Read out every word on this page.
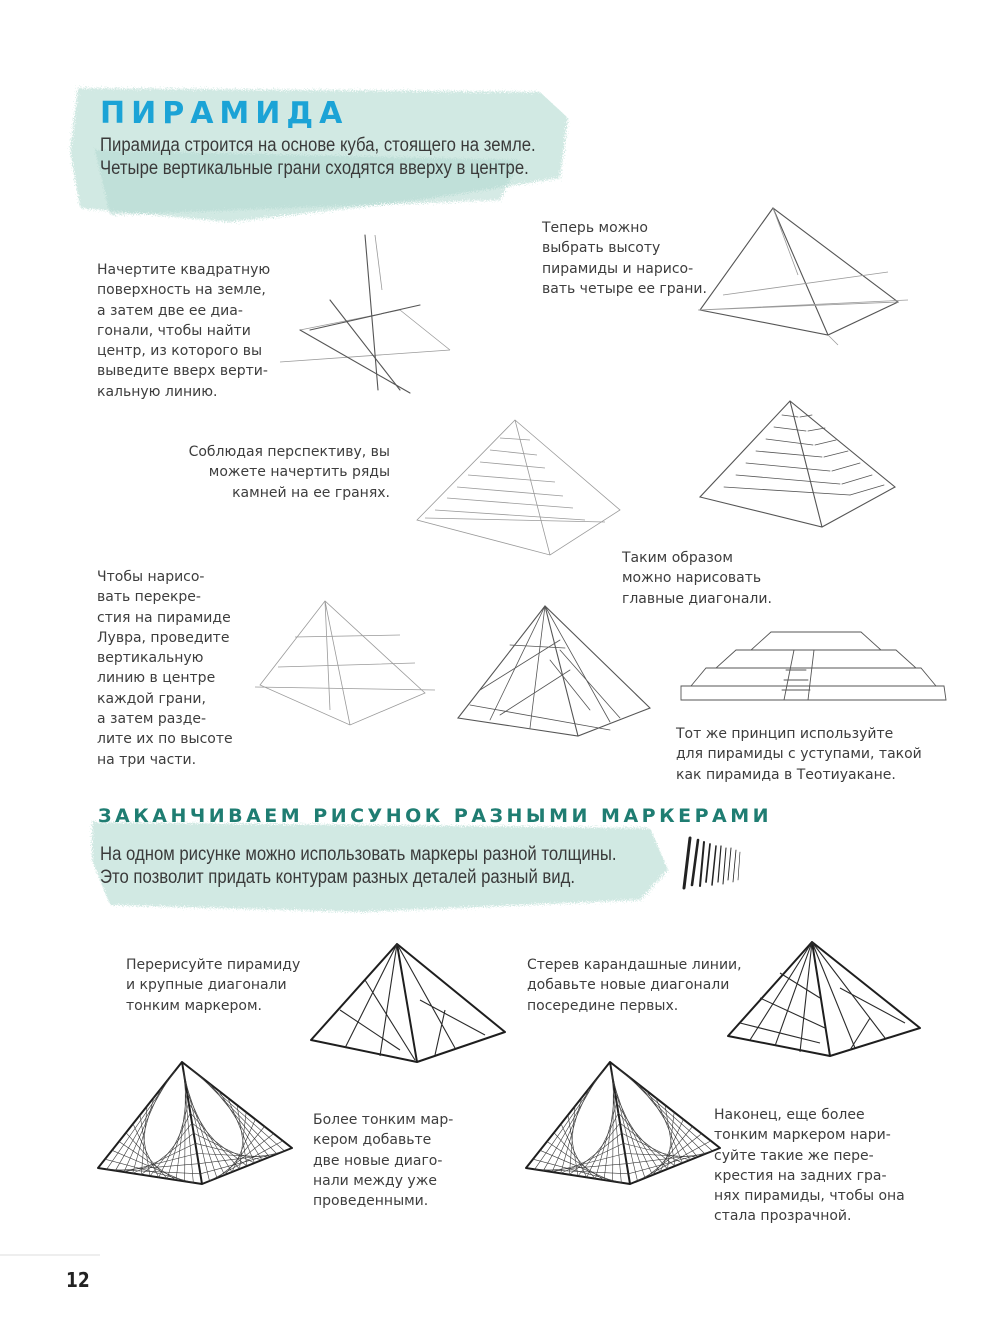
ПИРАМИДА
Пирамида строится на основе куба, стоящего на земле.
Четыре вертикальные грани сходятся вверху в центре.
Начертите квадратную
поверхность на земле,
а затем две ее диа-
гонали, чтобы найти
центр, из которого вы
выведите вверх верти-
кальную линию.
Теперь можно
выбрать высоту
пирамиды и нарисо-
вать четыре ее грани.
Соблюдая перспективу, вы
можете начертить ряды
камней на ее гранях.
Чтобы нарисо-
вать перекре-
стия на пирамиде
Лувра, проведите
вертикальную
линию в центре
каждой грани,
а затем разде-
лите их по высоте
на три части.
Таким образом
можно нарисовать
главные диагонали.
Тот же принцип используйте
для пирамиды с уступами, такой
как пирамида в Теотиуакане.
ЗАКАНЧИВАЕМ РИСУНОК РАЗНЫМИ МАРКЕРАМИ
На одном рисунке можно использовать маркеры разной толщины.
Это позволит придать контурам разных деталей разный вид.
Перерисуйте пирамиду
и крупные диагонали
тонким маркером.
Стерев карандашные линии,
добавьте новые диагонали
посередине первых.
Более тонким мар-
кером добавьте
две новые диаго-
нали между уже
проведенными.
Наконец, еще более
тонким маркером нари-
суйте такие же пере-
крестия на задних гра-
нях пирамиды, чтобы она
стала прозрачной.
12
